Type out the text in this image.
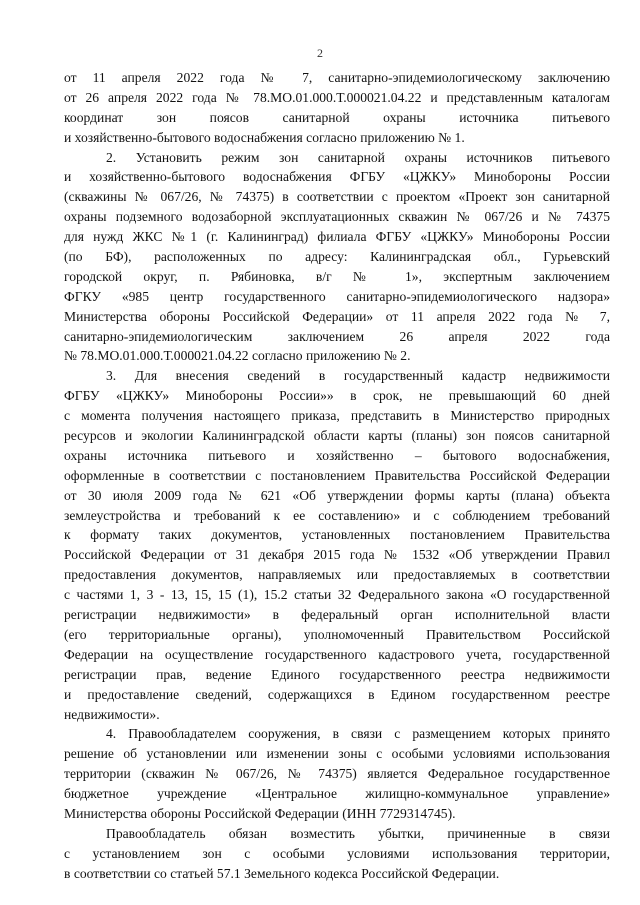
2
от 11 апреля 2022 года № 7, санитарно-эпидемиологическому заключению
от 26 апреля 2022 года № 78.МО.01.000.Т.000021.04.22 и представленным каталогам
координат зон поясов санитарной охраны источника питьевого
и хозяйственно-бытового водоснабжения согласно приложению № 1.
2. Установить режим зон санитарной охраны источников питьевого
и хозяйственно-бытового водоснабжения ФГБУ «ЦЖКУ» Минобороны России
(скважины № 067/26, № 74375) в соответствии с проектом «Проект зон санитарной
охраны подземного водозаборной эксплуатационных скважин № 067/26 и № 74375
для нужд ЖКС №1 (г. Калининград) филиала ФГБУ «ЦЖКУ» Минобороны России
(по БФ), расположенных по адресу: Калининградская обл., Гурьевский
городской округ, п. Рябиновка, в/г № 1», экспертным заключением
ФГКУ «985 центр государственного санитарно-эпидемиологического надзора»
Министерства обороны Российской Федерации» от 11 апреля 2022 года № 7,
санитарно-эпидемиологическим заключением 26 апреля 2022 года
№ 78.МО.01.000.Т.000021.04.22 согласно приложению № 2.
3. Для внесения сведений в государственный кадастр недвижимости
ФГБУ «ЦЖКУ» Минобороны России»» в срок, не превышающий 60 дней
с момента получения настоящего приказа, представить в Министерство природных
ресурсов и экологии Калининградской области карты (планы) зон поясов санитарной
охраны источника питьевого и хозяйственно – бытового водоснабжения,
оформленные в соответствии с постановлением Правительства Российской Федерации
от 30 июля 2009 года № 621 «Об утверждении формы карты (плана) объекта
землеустройства и требований к ее составлению» и с соблюдением требований
к формату таких документов, установленных постановлением Правительства
Российской Федерации от 31 декабря 2015 года № 1532 «Об утверждении Правил
предоставления документов, направляемых или предоставляемых в соответствии
с частями 1, 3 - 13, 15, 15 (1), 15.2 статьи 32 Федерального закона «О государственной
регистрации недвижимости» в федеральный орган исполнительной власти
(его территориальные органы), уполномоченный Правительством Российской
Федерации на осуществление государственного кадастрового учета, государственной
регистрации прав, ведение Единого государственного реестра недвижимости
и предоставление сведений, содержащихся в Едином государственном реестре
недвижимости».
4. Правообладателем сооружения, в связи с размещением которых принято
решение об установлении или изменении зоны с особыми условиями использования
территории (скважин № 067/26, № 74375) является Федеральное государственное
бюджетное учреждение «Центральное жилищно-коммунальное управление»
Министерства обороны Российской Федерации (ИНН 7729314745).
Правообладатель обязан возместить убытки, причиненные в связи
с установлением зон с особыми условиями использования территории,
в соответствии со статьей 57.1 Земельного кодекса Российской Федерации.
